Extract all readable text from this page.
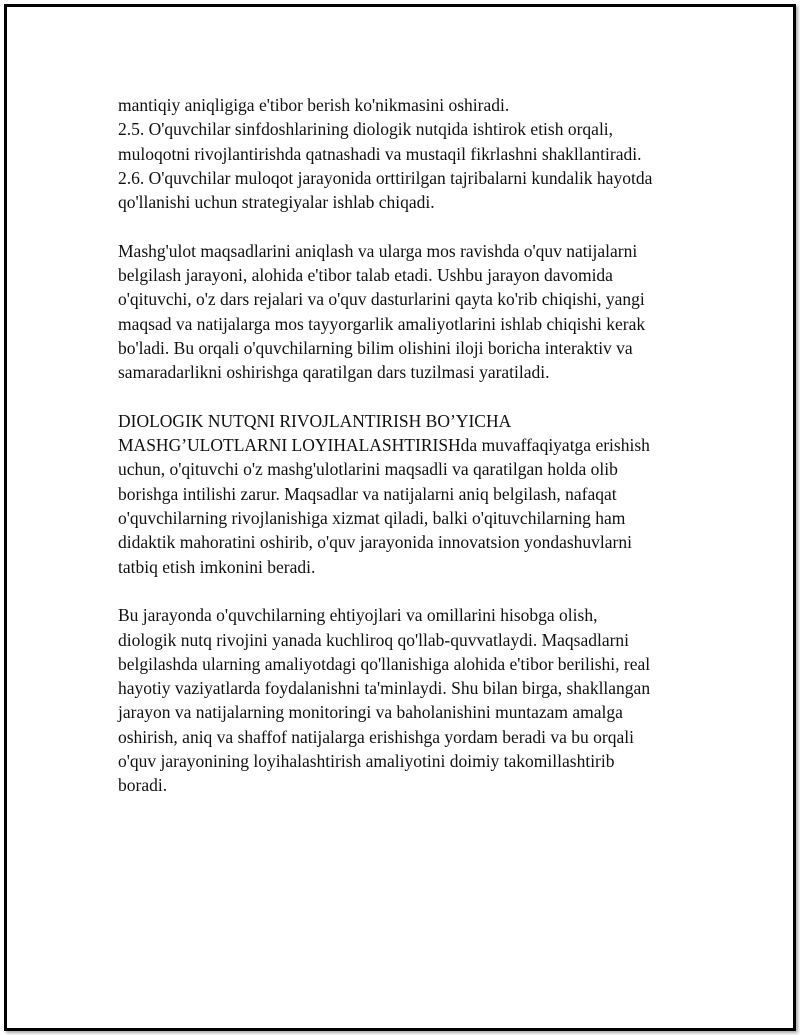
mantiqiy aniqligiga e'tibor berish ko'nikmasini oshiradi.
2.5. O'quvchilar sinfdoshlarining diologik nutqida ishtirok etish orqali,
muloqotni rivojlantirishda qatnashadi va mustaqil fikrlashni shakllantiradi.
2.6. O'quvchilar muloqot jarayonida orttirilgan tajribalarni kundalik hayotda
qo'llanishi uchun strategiyalar ishlab chiqadi.
Mashg'ulot maqsadlarini aniqlash va ularga mos ravishda o'quv natijalarni
belgilash jarayoni, alohida e'tibor talab etadi. Ushbu jarayon davomida
o'qituvchi, o'z dars rejalari va o'quv dasturlarini qayta ko'rib chiqishi, yangi
maqsad va natijalarga mos tayyorgarlik amaliyotlarini ishlab chiqishi kerak
bo'ladi. Bu orqali o'quvchilarning bilim olishini iloji boricha interaktiv va
samaradarlikni oshirishga qaratilgan dars tuzilmasi yaratiladi.
DIOLOGIK NUTQNI RIVOJLANTIRISH BO’YICHA
MASHG’ULOTLARNI LOYIHALASHTIRISHda muvaffaqiyatga erishish
uchun, o'qituvchi o'z mashg'ulotlarini maqsadli va qaratilgan holda olib
borishga intilishi zarur. Maqsadlar va natijalarni aniq belgilash, nafaqat
o'quvchilarning rivojlanishiga xizmat qiladi, balki o'qituvchilarning ham
didaktik mahoratini oshirib, o'quv jarayonida innovatsion yondashuvlarni
tatbiq etish imkonini beradi.
Bu jarayonda o'quvchilarning ehtiyojlari va omillarini hisobga olish,
diologik nutq rivojini yanada kuchliroq qo'llab-quvvatlaydi. Maqsadlarni
belgilashda ularning amaliyotdagi qo'llanishiga alohida e'tibor berilishi, real
hayotiy vaziyatlarda foydalanishni ta'minlaydi. Shu bilan birga, shakllangan
jarayon va natijalarning monitoringi va baholanishini muntazam amalga
oshirish, aniq va shaffof natijalarga erishishga yordam beradi va bu orqali
o'quv jarayonining loyihalashtirish amaliyotini doimiy takomillashtirib
boradi.
